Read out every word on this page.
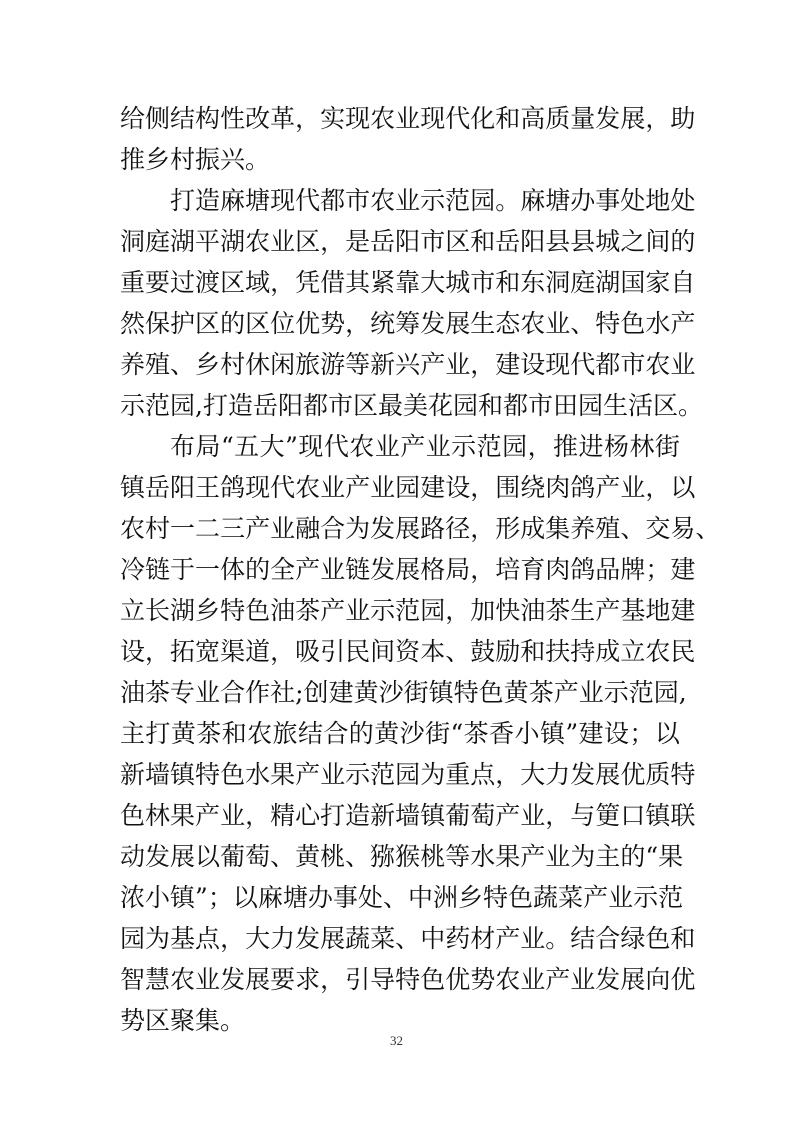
给 侧 结 构 性 改 革 ， 实 现 农 业 现 代 化 和 高 质 量 发 展 ， 助
推乡村振兴。
打 造 麻 塘 现 代 都 市 农 业 示 范 园 。 麻 塘 办 事 处 地 处
洞 庭 湖 平 湖 农 业 区 ， 是 岳 阳 市 区 和 岳 阳 县 县 城 之 间 的
重 要 过 渡 区 域 ， 凭 借 其 紧 靠 大 城 市 和 东 洞 庭 湖 国 家 自
然 保 护 区 的 区 位 优 势 ， 统 筹 发 展 生 态 农 业 、 特 色 水 产
养 殖 、 乡 村 休 闲 旅 游 等 新 兴 产 业 ， 建 设 现 代 都 市 农 业
示范园,打造岳阳都市区最美花园和都市田园生活区。
布 局 “ 五 大 ” 现 代 农 业 产 业 示 范 园 ， 推 进 杨 林 街
镇 岳 阳 王 鸽 现 代 农 业 产 业 园 建 设 ， 围 绕 肉 鸽 产 业 ， 以
农 村 一 二 三 产 业 融 合 为 发 展 路 径 ， 形 成 集 养 殖 、 交 易 、
冷 链 于 一 体 的 全 产 业 链 发 展 格 局 ， 培 育 肉 鸽 品 牌 ； 建
立 长 湖 乡 特 色 油 茶 产 业 示 范 园 ， 加 快 油 茶 生 产 基 地 建
设 ， 拓 宽 渠 道 ， 吸 引 民 间 资 本 、 鼓 励 和 扶 持 成 立 农 民
油 茶 专 业 合 作 社 ; 创 建 黄 沙 街 镇 特 色 黄 茶 产 业 示 范 园 ,
主 打 黄 茶 和 农 旅 结 合 的 黄 沙 街 “ 茶 香 小 镇 ” 建 设 ； 以
新 墙 镇 特 色 水 果 产 业 示 范 园 为 重 点 ， 大 力 发 展 优 质 特
色 林 果 产 业 ， 精 心 打 造 新 墙 镇 葡 萄 产 业 ， 与 筻 口 镇 联
动 发 展 以 葡 萄 、 黄 桃 、 猕 猴 桃 等 水 果 产 业 为 主 的 “ 果
浓 小 镇 ” ； 以 麻 塘 办 事 处 、 中 洲 乡 特 色 蔬 菜 产 业 示 范
园 为 基 点 ， 大 力 发 展 蔬 菜 、 中 药 材 产 业 。 结 合 绿 色 和
智 慧 农 业 发 展 要 求 ， 引 导 特 色 优 势 农 业 产 业 发 展 向 优
势区聚集。
32
